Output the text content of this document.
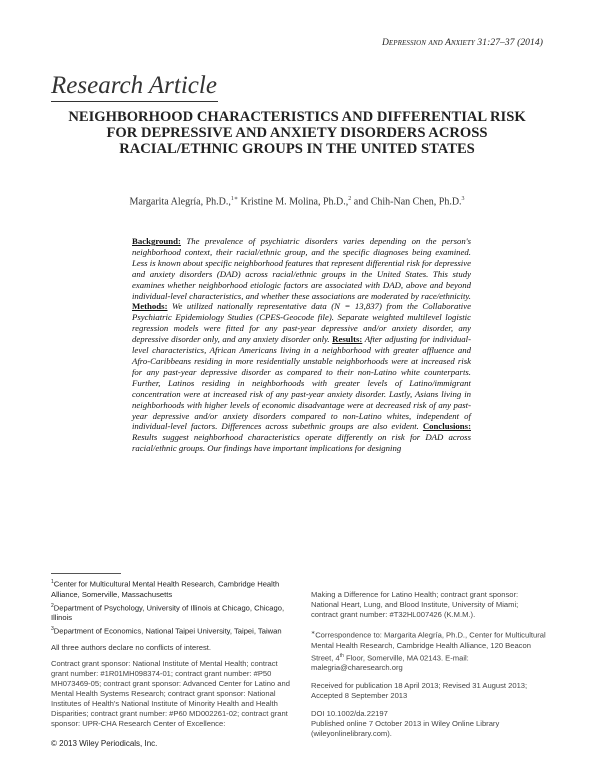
Depression and Anxiety 31:27–37 (2014)
Research Article
NEIGHBORHOOD CHARACTERISTICS AND DIFFERENTIAL RISK FOR DEPRESSIVE AND ANXIETY DISORDERS ACROSS RACIAL/ETHNIC GROUPS IN THE UNITED STATES
Margarita Alegría, Ph.D.,$^{1∗}$ Kristine M. Molina, Ph.D.,$^2$ and Chih-Nan Chen, Ph.D.$^3$
Background: The prevalence of psychiatric disorders varies depending on the person's neighborhood context, their racial/ethnic group, and the specific diagnoses being examined. Less is known about specific neighborhood features that represent differential risk for depressive and anxiety disorders (DAD) across racial/ethnic groups in the United States. This study examines whether neighborhood etiologic factors are associated with DAD, above and beyond individual-level characteristics, and whether these associations are moderated by race/ethnicity. Methods: We utilized nationally representative data (N = 13,837) from the Collaborative Psychiatric Epidemiology Studies (CPES-Geocode file). Separate weighted multilevel logistic regression models were fitted for any past-year depressive and/or anxiety disorder, any depressive disorder only, and any anxiety disorder only. Results: After adjusting for individual-level characteristics, African Americans living in a neighborhood with greater affluence and Afro-Caribbeans residing in more residentially unstable neighborhoods were at increased risk for any past-year depressive disorder as compared to their non-Latino white counterparts. Further, Latinos residing in neighborhoods with greater levels of Latino/immigrant concentration were at increased risk of any past-year anxiety disorder. Lastly, Asians living in neighborhoods with higher levels of economic disadvantage were at decreased risk of any past-year depressive and/or anxiety disorders compared to non-Latino whites, independent of individual-level factors. Differences across subethnic groups are also evident. Conclusions: Results suggest neighborhood characteristics operate differently on risk for DAD across racial/ethnic groups. Our findings have important implications for designing
$^1$Center for Multicultural Mental Health Research, Cambridge Health Alliance, Somerville, Massachusetts
$^2$Department of Psychology, University of Illinois at Chicago, Chicago, Illinois
$^3$Department of Economics, National Taipei University, Taipei, Taiwan
All three authors declare no conflicts of interest.
Contract grant sponsor: National Institute of Mental Health; contract grant number: #1R01MH098374-01; contract grant number: #P50 MH073469-05; contract grant sponsor: Advanced Center for Latino and Mental Health Systems Research; contract grant sponsor: National Institutes of Health's National Institute of Minority Health and Health Disparities; contract grant number: #P60 MD002261-02; contract grant sponsor: UPR-CHA Research Center of Excellence:

Making a Difference for Latino Health; contract grant sponsor: National Heart, Lung, and Blood Institute, University of Miami; contract grant number: #T32HL007426 (K.M.M.).

∗Correspondence to: Margarita Alegría, Ph.D., Center for Multicultural Mental Health Research, Cambridge Health Alliance, 120 Beacon Street, 4th Floor, Somerville, MA 02143. E-mail: malegria@charesearch.org

Received for publication 18 April 2013; Revised 31 August 2013; Accepted 8 September 2013

DOI 10.1002/da.22197

Published online 7 October 2013 in Wiley Online Library (wileyonlinelibrary.com).

© 2013 Wiley Periodicals, Inc.
